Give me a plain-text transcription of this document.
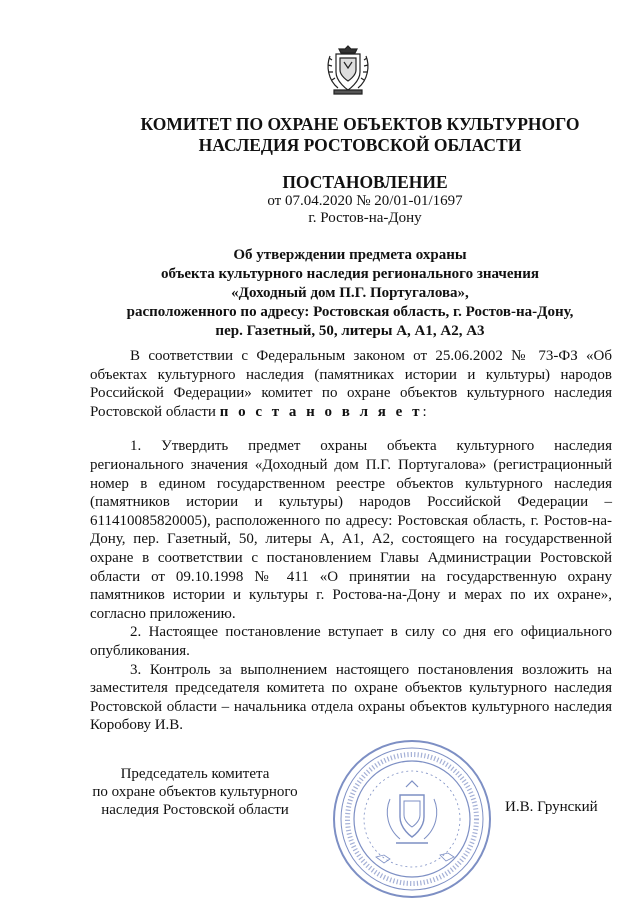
КОМИТЕТ ПО ОХРАНЕ ОБЪЕКТОВ КУЛЬТУРНОГО
НАСЛЕДИЯ РОСТОВСКОЙ ОБЛАСТИ
ПОСТАНОВЛЕНИЕ
от 07.04.2020 № 20/01-01/1697
г. Ростов-на-Дону
Об утверждении предмета охраны
объекта культурного наследия регионального значения
«Доходный дом П.Г. Португалова»,
расположенного по адресу: Ростовская область, г. Ростов-на-Дону,
пер. Газетный, 50, литеры А, А1, А2, А3

В соответствии с Федеральным законом от 25.06.2002 № 73-ФЗ «Об объектах культурного наследия (памятниках истории и культуры) народов Российской Федерации» комитет по охране объектов культурного наследия Ростовской области п о с т а н о в л я е т:

1. Утвердить предмет охраны объекта культурного наследия регионального значения «Доходный дом П.Г. Португалова» (регистрационный номер в едином государственном реестре объектов культурного наследия (памятников истории и культуры) народов Российской Федерации – 611410085820005), расположенного по адресу: Ростовская область, г. Ростов-на-Дону, пер. Газетный, 50, литеры А, А1, А2, состоящего на государственной охране в соответствии с постановлением Главы Администрации Ростовской области от 09.10.1998 № 411 «О принятии на государственную охрану памятников истории и культуры г. Ростова-на-Дону и мерах по их охране», согласно приложению.

2. Настоящее постановление вступает в силу со дня его официального опубликования.

3. Контроль за выполнением настоящего постановления возложить на заместителя председателя комитета по охране объектов культурного наследия Ростовской области – начальника отдела охраны объектов культурного наследия Коробову И.В.

Председатель комитета
по охране объектов культурного
наследия Ростовской области	И.В. Грунский
